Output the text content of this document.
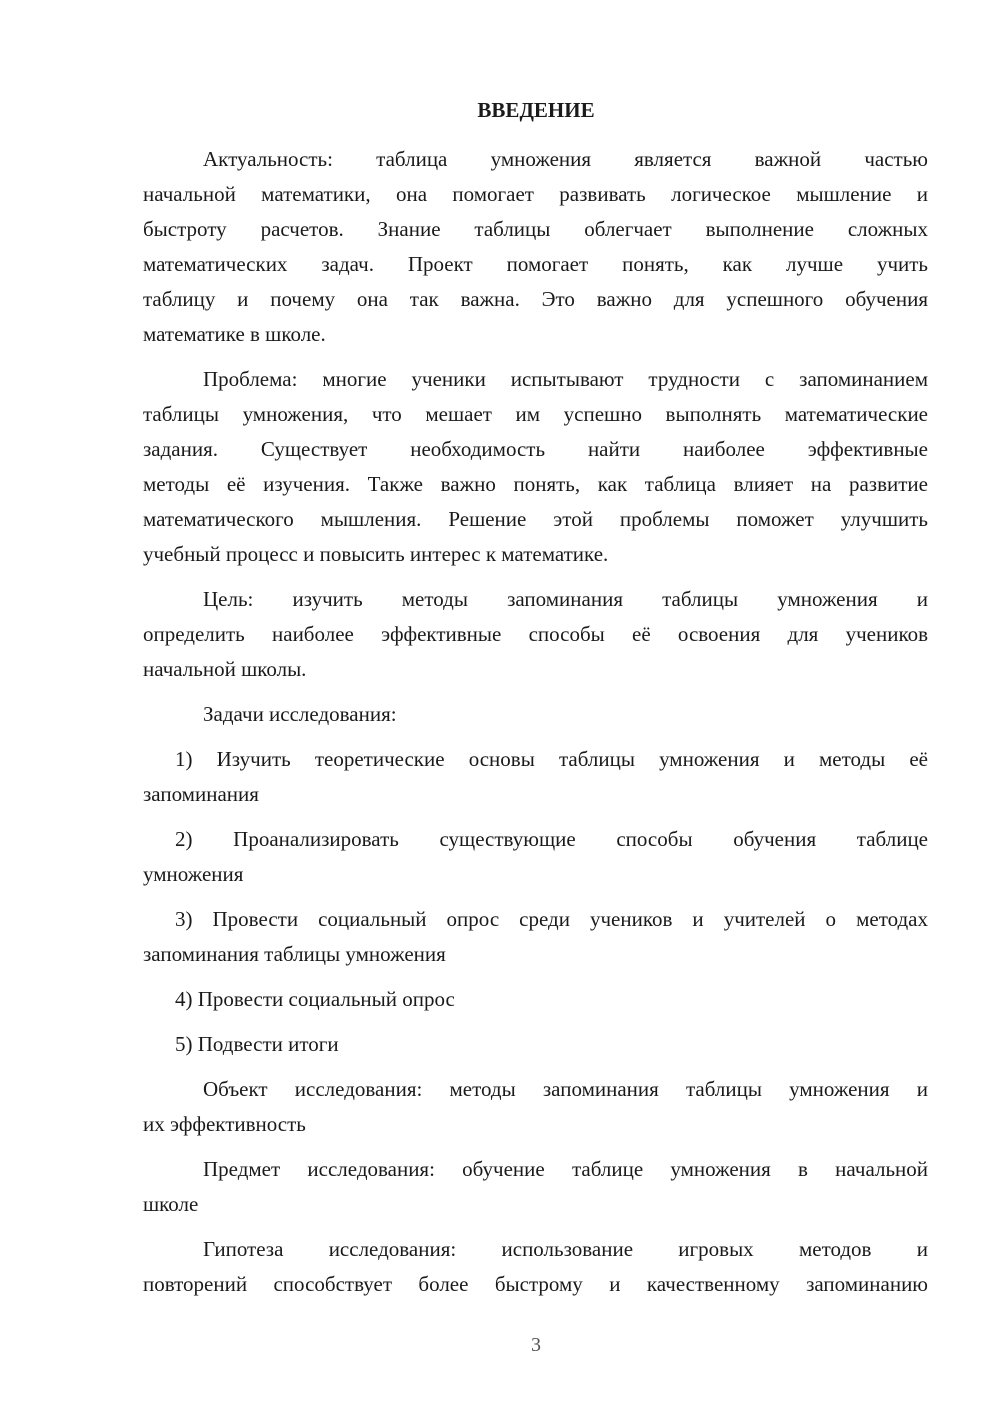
ВВЕДЕНИЕ
Актуальность: таблица умножения является важной частью
начальной математики, она помогает развивать логическое мышление и
быстроту расчетов. Знание таблицы облегчает выполнение сложных
математических задач. Проект помогает понять, как лучше учить
таблицу и почему она так важна. Это важно для успешного обучения
математике в школе.
Проблема: многие ученики испытывают трудности с запоминанием
таблицы умножения, что мешает им успешно выполнять математические
задания. Существует необходимость найти наиболее эффективные
методы её изучения. Также важно понять, как таблица влияет на развитие
математического мышления. Решение этой проблемы поможет улучшить
учебный процесс и повысить интерес к математике.
Цель: изучить методы запоминания таблицы умножения и
определить наиболее эффективные способы её освоения для учеников
начальной школы.
Задачи исследования:
1) Изучить теоретические основы таблицы умножения и методы её
запоминания
2) Проанализировать существующие способы обучения таблице
умножения
3) Провести социальный опрос среди учеников и учителей о методах
запоминания таблицы умножения
4) Провести социальный опрос
5) Подвести итоги
Объект исследования: методы запоминания таблицы умножения и
их эффективность
Предмет исследования: обучение таблице умножения в начальной
школе
Гипотеза исследования: использование игровых методов и
повторений способствует более быстрому и качественному запоминанию
3
